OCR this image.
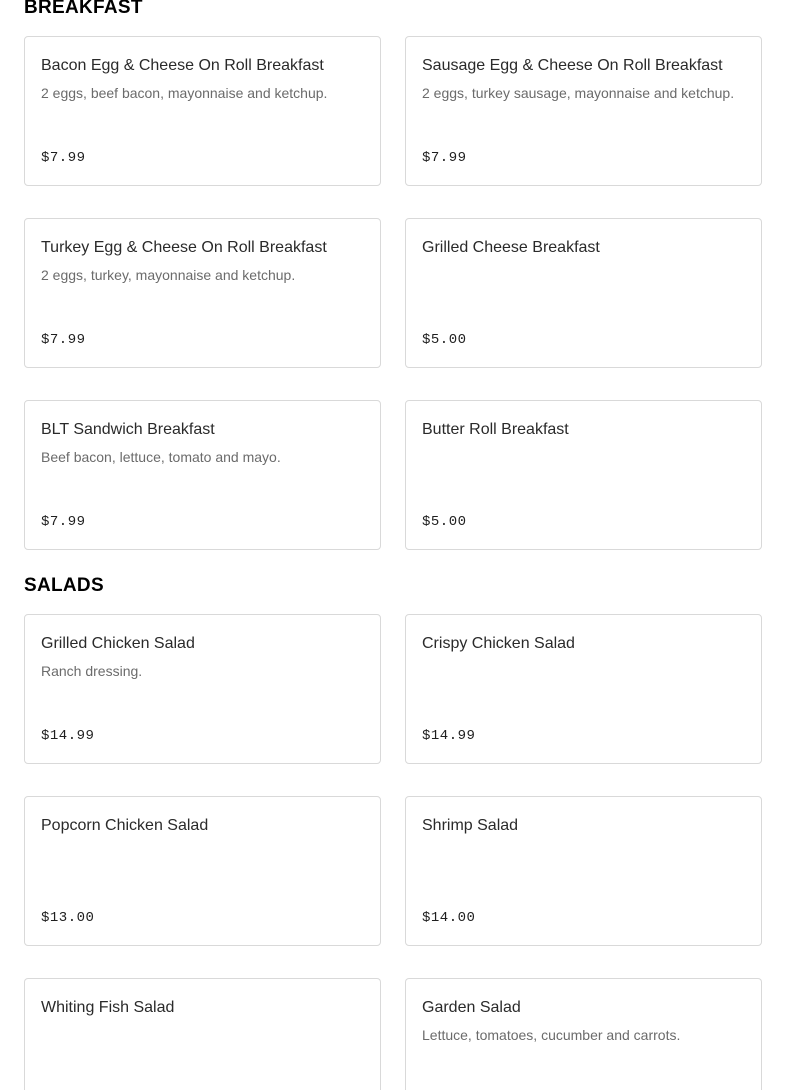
BREAKFAST
Bacon Egg & Cheese On Roll Breakfast
2 eggs, beef bacon, mayonnaise and ketchup.
$7.99
Sausage Egg & Cheese On Roll Breakfast
2 eggs, turkey sausage, mayonnaise and ketchup.
$7.99
Turkey Egg & Cheese On Roll Breakfast
2 eggs, turkey, mayonnaise and ketchup.
$7.99
Grilled Cheese Breakfast
$5.00
BLT Sandwich Breakfast
Beef bacon, lettuce, tomato and mayo.
$7.99
Butter Roll Breakfast
$5.00
SALADS
Grilled Chicken Salad
Ranch dressing.
$14.99
Crispy Chicken Salad
$14.99
Popcorn Chicken Salad
$13.00
Shrimp Salad
$14.00
Whiting Fish Salad	Garden Salad
Lettuce, tomatoes, cucumber and carrots.
